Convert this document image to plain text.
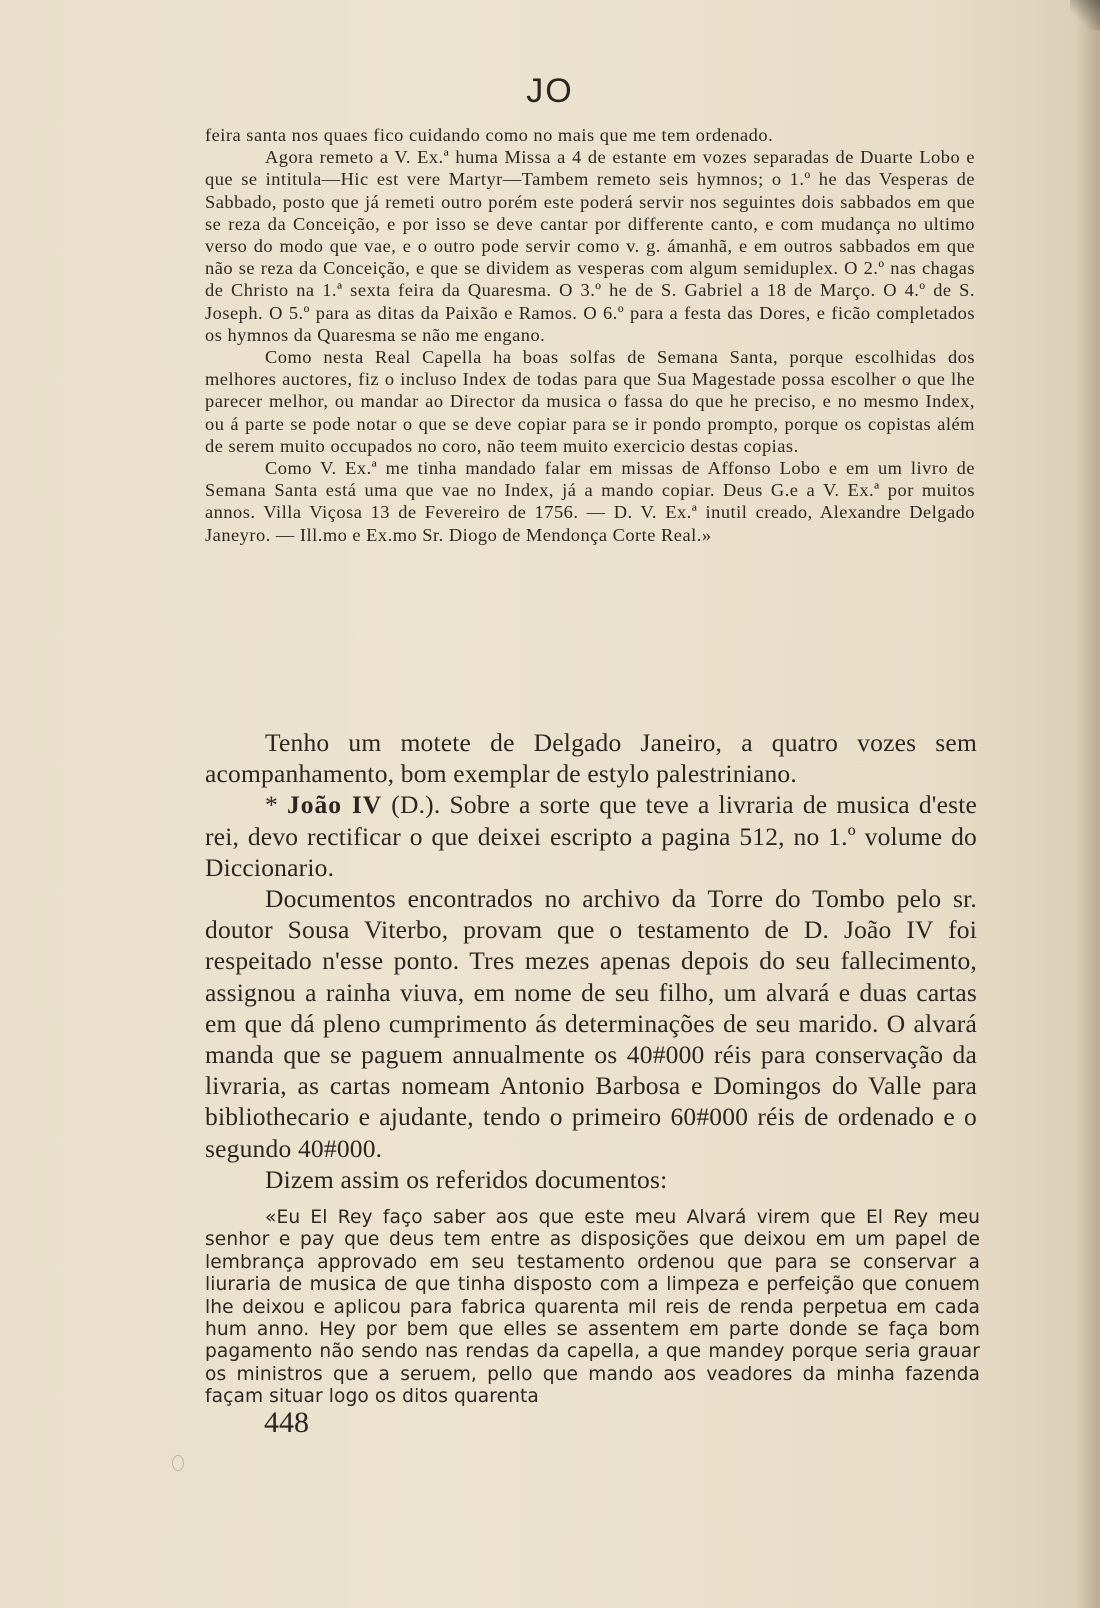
JO

feira santa nos quaes fico cuidando como no mais que me tem ordenado.

Agora remeto a V. Ex.ª huma Missa a 4 de estante em vozes separadas de Duarte Lobo e que se intitula—Hic est vere Martyr—Tambem remeto seis hymnos; o 1.º he das Vesperas de Sabbado, posto que já remeti outro porém este poderá servir nos seguintes dois sabbados em que se reza da Conceição, e por isso se deve cantar por differente canto, e com mudança no ultimo verso do modo que vae, e o outro pode servir como v. g. ámanhã, e em outros sabbados em que não se reza da Conceição, e que se dividem as vesperas com algum semiduplex. O 2.º nas chagas de Christo na 1.ª sexta feira da Quaresma. O 3.º he de S. Gabriel a 18 de Março. O 4.º de S. Joseph. O 5.º para as ditas da Paixão e Ramos. O 6.º para a festa das Dores, e ficão completados os hymnos da Quaresma se não me engano.

Como nesta Real Capella ha boas solfas de Semana Santa, porque escolhidas dos melhores auctores, fiz o incluso Index de todas para que Sua Magestade possa escolher o que lhe parecer melhor, ou mandar ao Director da musica o fassa do que he preciso, e no mesmo Index, ou á parte se pode notar o que se deve copiar para se ir pondo prompto, porque os copistas além de serem muito occupados no coro, não teem muito exercicio destas copias.

Como V. Ex.ª me tinha mandado falar em missas de Affonso Lobo e em um livro de Semana Santa está uma que vae no Index, já a mando copiar. Deus G.e a V. Ex.ª por muitos annos. Villa Viçosa 13 de Fevereiro de 1756. — D. V. Ex.ª inutil creado, Alexandre Delgado Janeyro. — Ill.mo e Ex.mo Sr. Diogo de Mendonça Corte Real.»

Tenho um motete de Delgado Janeiro, a quatro vozes sem acompanhamento, bom exemplar de estylo palestriniano.

* João IV (D.). Sobre a sorte que teve a livraria de musica d'este rei, devo rectificar o que deixei escripto a pagina 512, no 1.º volume do Diccionario.

Documentos encontrados no archivo da Torre do Tombo pelo sr. doutor Sousa Viterbo, provam que o testamento de D. João IV foi respeitado n'esse ponto. Tres mezes apenas depois do seu fallecimento, assignou a rainha viuva, em nome de seu filho, um alvará e duas cartas em que dá pleno cumprimento ás determinações de seu marido. O alvará manda que se paguem annualmente os 40#000 réis para conservação da livraria, as cartas nomeam Antonio Barbosa e Domingos do Valle para bibliothecario e ajudante, tendo o primeiro 60#000 réis de ordenado e o segundo 40#000.

Dizem assim os referidos documentos:

«Eu El Rey faço saber aos que este meu Alvará virem que El Rey meu senhor e pay que deus tem entre as disposições que deixou em um papel de lembrança approvado em seu testamento ordenou que para se conservar a liuraria de musica de que tinha disposto com a limpeza e perfeição que conuem lhe deixou e aplicou para fabrica quarenta mil reis de renda perpetua em cada hum anno. Hey por bem que elles se assentem em parte donde se faça bom pagamento não sendo nas rendas da capella, a que mandey porque seria grauar os ministros que a seruem, pello que mando aos veadores da minha fazenda façam situar logo os ditos quarenta

448
